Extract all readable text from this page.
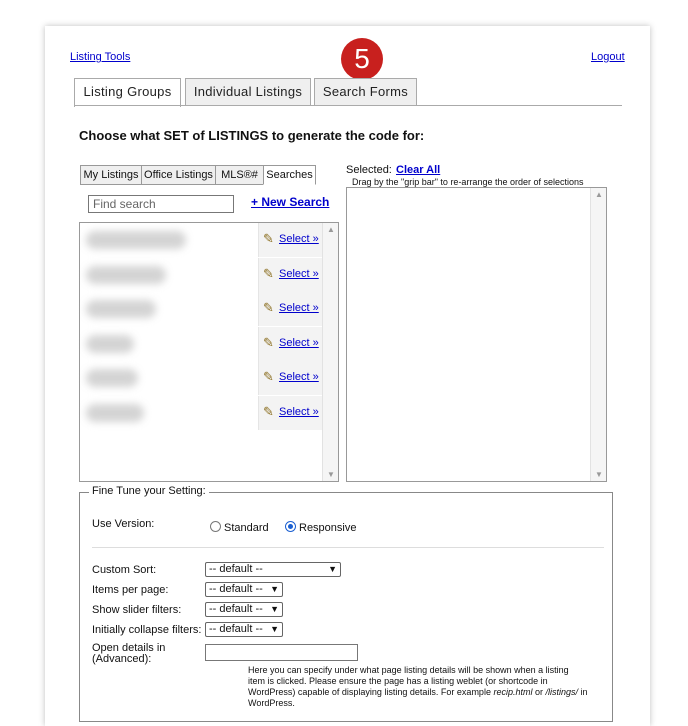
Listing Tools	Logout
5
Listing Groups	Individual Listings	Search Forms
Choose what SET of LISTINGS to generate the code for:
My Listings Office Listings MLS®# Searches
Find search
+ New Search
✎ Select »
✎ Select »
✎ Select »
✎ Select »
✎ Select »
✎ Select »
▲
▼
Selected: Clear All
Drag by the "grip bar" to re-arrange the order of selections
▲
▼
Fine Tune your Setting:
Use Version:	Standard	Responsive
Custom Sort:	-- default --	▼
Items per page:	-- default -- ▼
Show slider filters:	-- default -- ▼
Initially collapse filters: -- default -- ▼
Open details in
(Advanced):
Here you can specify under what page listing details will be shown when a listing item is clicked. Please ensure the page has a listing weblet (or shortcode in WordPress) capable of displaying listing details. For example recip.html or /listings/ in WordPress.
